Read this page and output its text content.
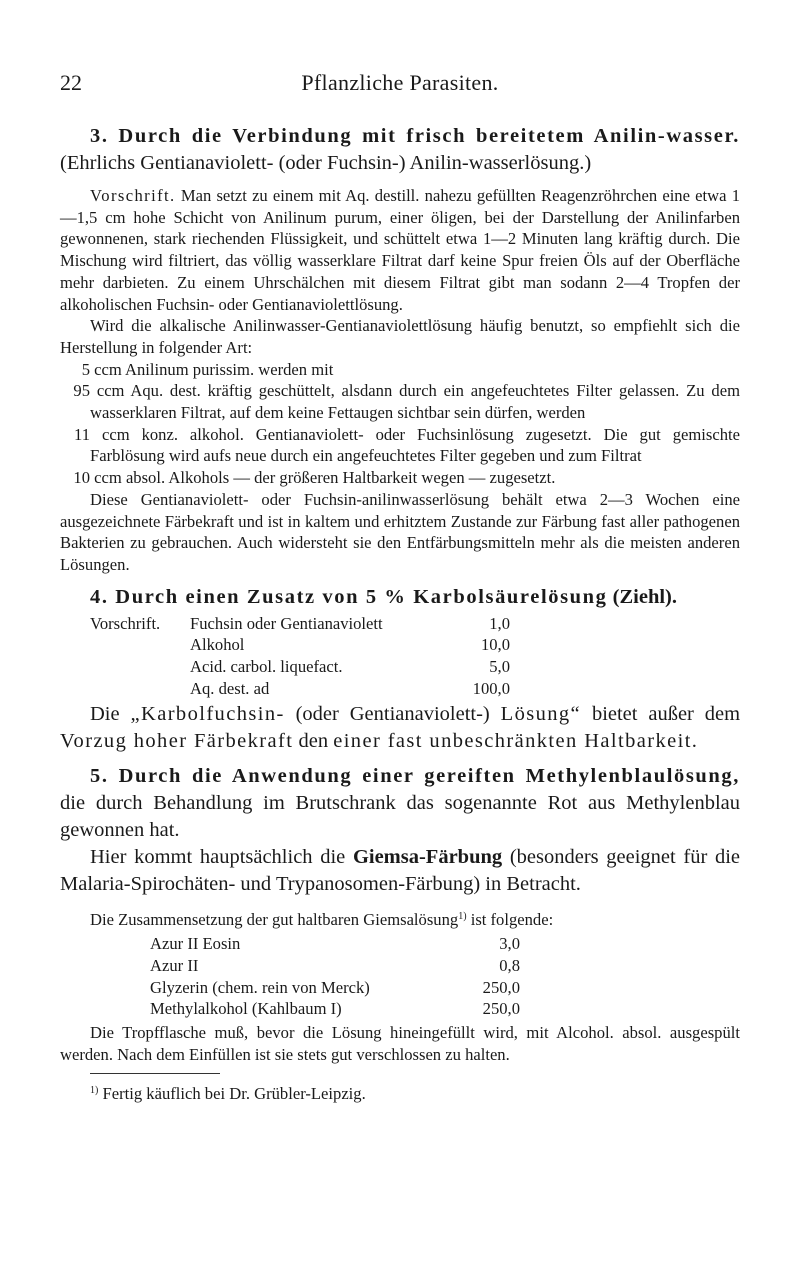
22	Pflanzliche Parasiten.

3. Durch die Verbindung mit frisch bereitetem Anilin-wasser. (Ehrlichs Gentianaviolett- (oder Fuchsin-) Anilin-wasserlösung.)

Vorschrift. Man setzt zu einem mit Aq. destill. nahezu gefüllten Reagenzröhrchen eine etwa 1—1,5 cm hohe Schicht von Anilinum purum, einer öligen, bei der Darstellung der Anilinfarben gewonnenen, stark riechenden Flüssigkeit, und schüttelt etwa 1—2 Minuten lang kräftig durch. Die Mischung wird filtriert, das völlig wasserklare Filtrat darf keine Spur freien Öls auf der Oberfläche mehr darbieten. Zu einem Uhrschälchen mit diesem Filtrat gibt man sodann 2—4 Tropfen der alkoholischen Fuchsin- oder Gentianaviolettlösung.

Wird die alkalische Anilinwasser-Gentianaviolettlösung häufig benutzt, so empfiehlt sich die Herstellung in folgender Art:

5 ccm Anilinum purissim. werden mit

95 ccm Aqu. dest. kräftig geschüttelt, alsdann durch ein angefeuchtetes Filter gelassen. Zu dem wasserklaren Filtrat, auf dem keine Fettaugen sichtbar sein dürfen, werden

11 ccm konz. alkohol. Gentianaviolett- oder Fuchsinlösung zugesetzt. Die gut gemischte Farblösung wird aufs neue durch ein angefeuchtetes Filter gegeben und zum Filtrat

10 ccm absol. Alkohols — der größeren Haltbarkeit wegen — zugesetzt.

Diese Gentianaviolett- oder Fuchsin-anilinwasserlösung behält etwa 2—3 Wochen eine ausgezeichnete Färbekraft und ist in kaltem und erhitztem Zustande zur Färbung fast aller pathogenen Bakterien zu gebrauchen. Auch widersteht sie den Entfärbungsmitteln mehr als die meisten anderen Lösungen.

4. Durch einen Zusatz von 5 % Karbolsäurelösung (Ziehl).

Vorschrift.	Fuchsin oder Gentianaviolett	1,0
Alkohol	10,0
Acid. carbol. liquefact.	5,0
Aq. dest. ad	100,0

Die „Karbolfuchsin- (oder Gentianaviolett-) Lösung“ bietet außer dem Vorzug hoher Färbekraft den einer fast unbeschränkten Haltbarkeit.

5. Durch die Anwendung einer gereiften Methylenblaulösung, die durch Behandlung im Brutschrank das sogenannte Rot aus Methylenblau gewonnen hat.

Hier kommt hauptsächlich die Giemsa-Färbung (besonders geeignet für die Malaria-Spirochäten- und Trypanosomen-Färbung) in Betracht.

Die Zusammensetzung der gut haltbaren Giemsalösung$^{1)}$ ist folgende:

Azur II Eosin	3,0
Azur II	0,8
Glyzerin (chem. rein von Merck)	250,0
Methylalkohol (Kahlbaum I)	250,0

Die Tropfflasche muß, bevor die Lösung hineingefüllt wird, mit Alcohol. absol. ausgespült werden. Nach dem Einfüllen ist sie stets gut verschlossen zu halten.

$^{1)}$ Fertig käuflich bei Dr. Grübler-Leipzig.
